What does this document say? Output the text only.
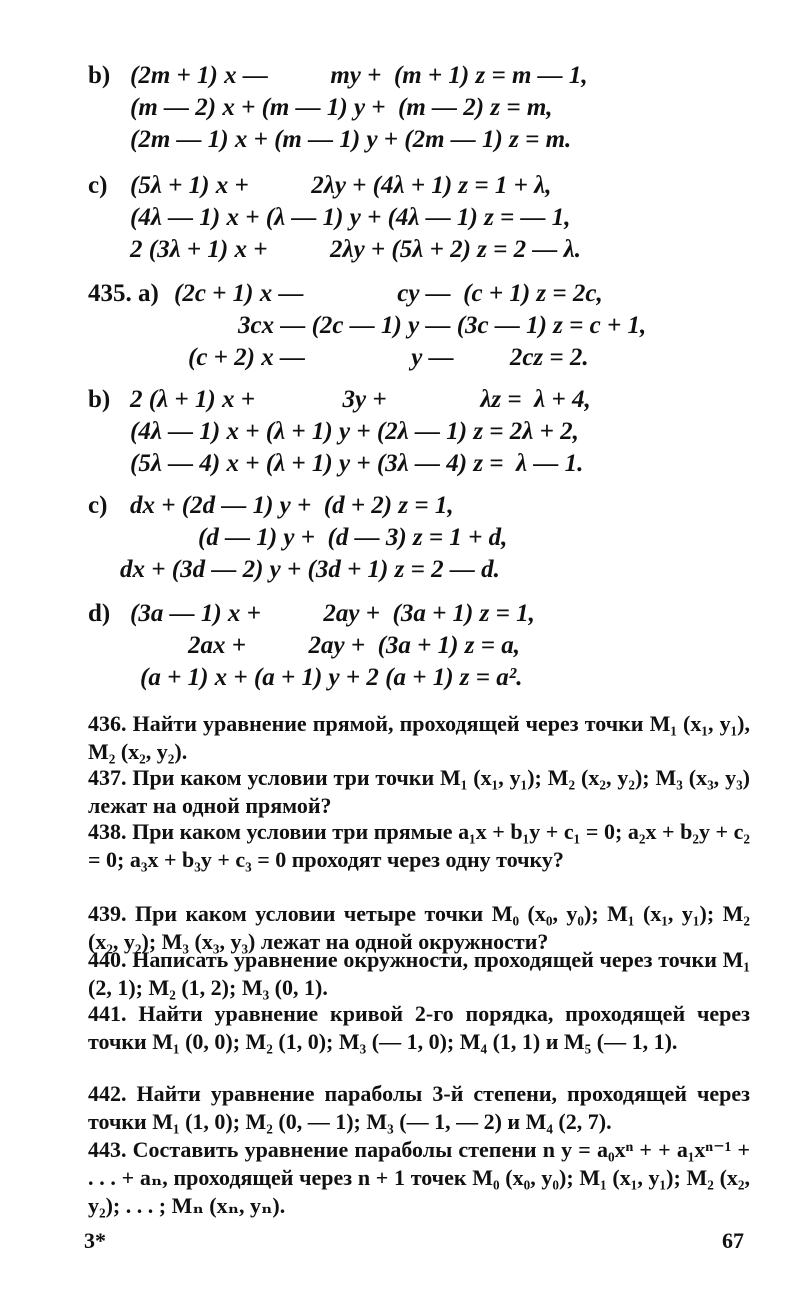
b) (2m + 1) x —          my +  (m + 1) z = m — 1,
(m — 2) x + (m — 1) y +  (m — 2) z = m,
(2m — 1) x + (m — 1) y + (2m — 1) z = m.
c) (5λ + 1) x +          2λy + (4λ + 1) z = 1 + λ,
(4λ — 1) x + (λ — 1) y + (4λ — 1) z = — 1,
2 (3λ + 1) x +          2λy + (5λ + 2) z = 2 — λ.
435. a) (2c + 1) x —               cy —  (c + 1) z = 2c,
3cx — (2c — 1) y — (3c — 1) z = c + 1,
(c + 2) x —                 y —         2cz = 2.
b) 2 (λ + 1) x +              3y +               λz =  λ + 4,
(4λ — 1) x + (λ + 1) y + (2λ — 1) z = 2λ + 2,
(5λ — 4) x + (λ + 1) y + (3λ — 4) z =  λ — 1.
c) dx + (2d — 1) y +  (d + 2) z = 1,
(d — 1) y +  (d — 3) z = 1 + d,
dx + (3d — 2) y + (3d + 1) z = 2 — d.
d) (3a — 1) x +          2ay +  (3a + 1) z = 1,
2ax +          2ay +  (3a + 1) z = a,
(a + 1) x + (a + 1) y + 2 (a + 1) z = a².

436. Найти уравнение прямой, проходящей через точки M₁ (x₁, y₁), M₂ (x₂, y₂).

437. При каком условии три точки M₁ (x₁, y₁); M₂ (x₂, y₂); M₃ (x₃, y₃) лежат на одной прямой?

438. При каком условии три прямые a₁x + b₁y + c₁ = 0; a₂x + b₂y + c₂ = 0; a₃x + b₃y + c₃ = 0 проходят через одну точку?

439. При каком условии четыре точки M₀ (x₀, y₀); M₁ (x₁, y₁); M₂ (x₂, y₂); M₃ (x₃, y₃) лежат на одной окружности?

440. Написать уравнение окружности, проходящей через точки M₁ (2, 1); M₂ (1, 2); M₃ (0, 1).

441. Найти уравнение кривой 2-го порядка, проходящей через точки M₁ (0, 0); M₂ (1, 0); M₃ (— 1, 0); M₄ (1, 1) и M₅ (— 1, 1).

442. Найти уравнение параболы 3-й степени, проходящей через точки M₁ (1, 0); M₂ (0, — 1); M₃ (— 1, — 2) и M₄ (2, 7).

443. Составить уравнение параболы степени n y = a₀xⁿ + + a₁xⁿ⁻¹ + . . . + aₙ, проходящей через n + 1 точек M₀ (x₀, y₀); M₁ (x₁, y₁); M₂ (x₂, y₂); . . . ; Mₙ (xₙ, yₙ).

3*	67
